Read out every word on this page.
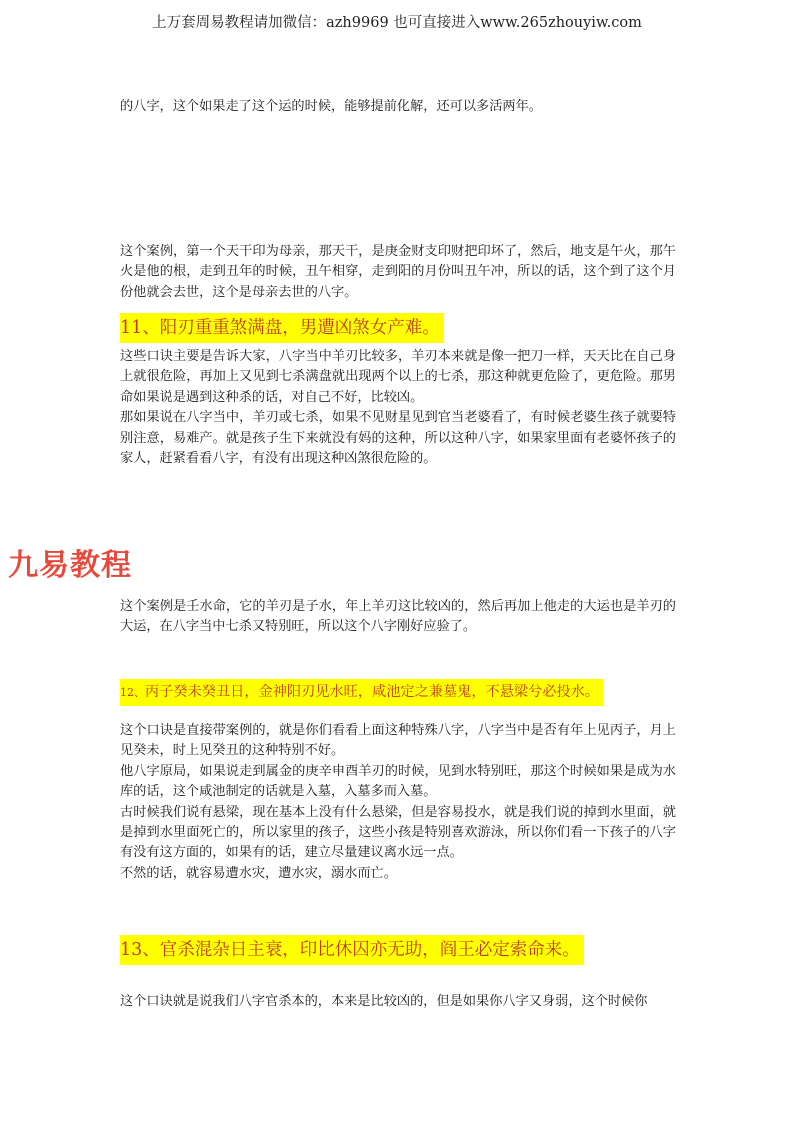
上万套周易教程请加微信：azh9969 也可直接进入www.265zhouyiw.com

的八字，这个如果走了这个运的时候，能够提前化解，还可以多活两年。

这个案例，第一个天干印为母亲，那天干，是庚金财支印财把印坏了，然后，地支是午火，那午火是他的根，走到丑年的时候，丑午相穿，走到阳的月份叫丑午冲，所以的话，这个到了这个月份他就会去世，这个是母亲去世的八字。

11、阳刃重重煞满盘，男遭凶煞女产难。

这些口诀主要是告诉大家，八字当中羊刃比较多，羊刃本来就是像一把刀一样，天天比在自己身上就很危险，再加上又见到七杀满盘就出现两个以上的七杀，那这种就更危险了，更危险。那男命如果说是遇到这种杀的话，对自己不好，比较凶。

那如果说在八字当中，羊刃或七杀，如果不见财星见到官当老婆看了，有时候老婆生孩子就要特别注意，易难产。就是孩子生下来就没有妈的这种，所以这种八字，如果家里面有老婆怀孩子的家人，赶紧看看八字，有没有出现这种凶煞很危险的。

九易教程

这个案例是壬水命，它的羊刃是子水，年上羊刃这比较凶的，然后再加上他走的大运也是羊刃的大运，在八字当中七杀又特别旺，所以这个八字刚好应验了。

12、丙子癸未癸丑日，金神阳刃见水旺，咸池定之兼墓鬼，不悬梁兮必投水。

这个口诀是直接带案例的，就是你们看看上面这种特殊八字，八字当中是否有年上见丙子，月上见癸未，时上见癸丑的这种特别不好。

他八字原局，如果说走到属金的庚辛申酉羊刃的时候，见到水特别旺，那这个时候如果是成为水库的话，这个咸池制定的话就是入墓，入墓多而入墓。

古时候我们说有悬梁，现在基本上没有什么悬梁，但是容易投水，就是我们说的掉到水里面，就是掉到水里面死亡的，所以家里的孩子，这些小孩是特别喜欢游泳，所以你们看一下孩子的八字有没有这方面的，如果有的话，建立尽量建议离水远一点。

不然的话，就容易遭水灾，遭水灾，溺水而亡。

13、官杀混杂日主衰，印比休囚亦无助，阎王必定索命来。

这个口诀就是说我们八字官杀本的，本来是比较凶的，但是如果你八字又身弱，这个时候你
